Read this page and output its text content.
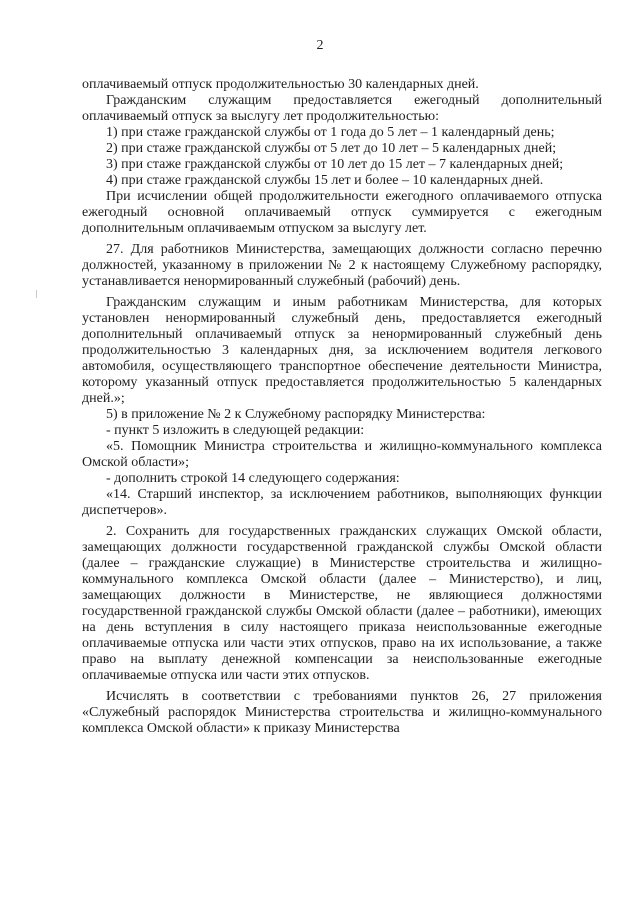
2

оплачиваемый отпуск продолжительностью 30 календарных дней.

Гражданским служащим предоставляется ежегодный дополнительный оплачиваемый отпуск за выслугу лет продолжительностью:

1) при стаже гражданской службы от 1 года до 5 лет – 1 календарный день;

2) при стаже гражданской службы от 5 лет до 10 лет – 5 календарных дней;

3) при стаже гражданской службы от 10 лет до 15 лет – 7 календарных дней;

4) при стаже гражданской службы 15 лет и более – 10 календарных дней.

При исчислении общей продолжительности ежегодного оплачиваемого отпуска ежегодный основной оплачиваемый отпуск суммируется с ежегодным дополнительным оплачиваемым отпуском за выслугу лет.

27. Для работников Министерства, замещающих должности согласно перечню должностей, указанному в приложении № 2 к настоящему Служебному распорядку, устанавливается ненормированный служебный (рабочий) день.

Гражданским служащим и иным работникам Министерства, для которых установлен ненормированный служебный день, предоставляется ежегодный дополнительный оплачиваемый отпуск за ненормированный служебный день продолжительностью 3 календарных дня, за исключением водителя легкового автомобиля, осуществляющего транспортное обеспечение деятельности Министра, которому указанный отпуск предоставляется продолжительностью 5 календарных дней.»;

5) в приложение № 2 к Служебному распорядку Министерства:

- пункт 5 изложить в следующей редакции:

«5. Помощник Министра строительства и жилищно-коммунального комплекса Омской области»;

- дополнить строкой 14 следующего содержания:

«14. Старший инспектор, за исключением работников, выполняющих функции диспетчеров».

2. Сохранить для государственных гражданских служащих Омской области, замещающих должности государственной гражданской службы Омской области (далее – гражданские служащие) в Министерстве строительства и жилищно-коммунального комплекса Омской области (далее – Министерство), и лиц, замещающих должности в Министерстве, не являющиеся должностями государственной гражданской службы Омской области (далее – работники), имеющих на день вступления в силу настоящего приказа неиспользованные ежегодные оплачиваемые отпуска или части этих отпусков, право на их использование, а также право на выплату денежной компенсации за неиспользованные ежегодные оплачиваемые отпуска или части этих отпусков.

Исчислять в соответствии с требованиями пунктов 26, 27 приложения «Служебный распорядок Министерства строительства и жилищно-коммунального комплекса Омской области» к приказу Министерства
